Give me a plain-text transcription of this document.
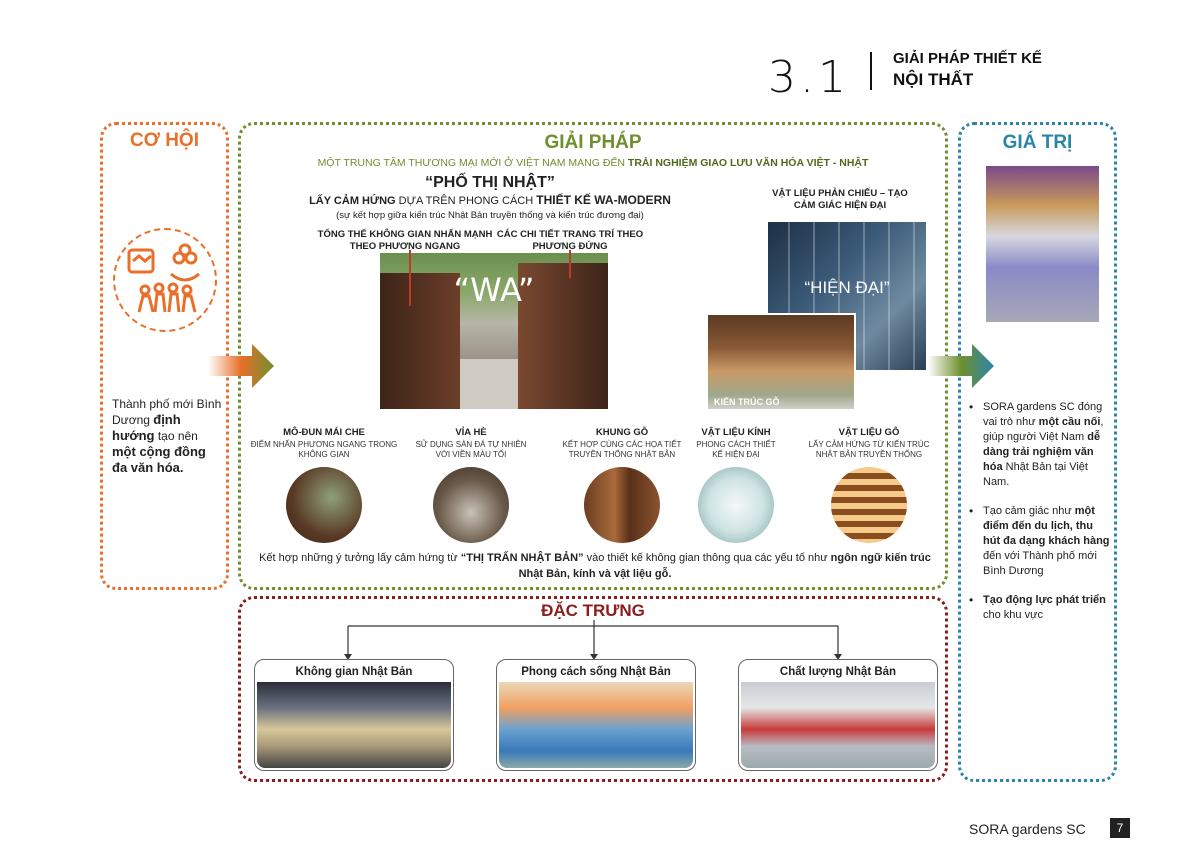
3.1	GIẢI PHÁP THIẾT KẾ
NỘI THẤT
CƠ HỘI	GIẢI PHÁP	GIÁ TRỊ
ĐẶC TRƯNG
Thành phố mới Bình Dương định hướng tạo nên một cộng đồng đa văn hóa.
MỘT TRUNG TÂM THƯƠNG MẠI MỚI Ở VIỆT NAM MANG ĐẾN TRẢI NGHIỆM GIAO LƯU VĂN HÓA VIỆT - NHẬT
“PHỐ THỊ NHẬT”
LẤY CẢM HỨNG DỰA TRÊN PHONG CÁCH THIẾT KẾ WA-MODERN
(sự kết hợp giữa kiến trúc Nhật Bản truyền thống và kiến trúc đương đại)
TỔNG THỂ KHÔNG GIAN NHẤN MẠNH THEO PHƯƠNG NGANG
CÁC CHI TIẾT TRANG TRÍ THEO PHƯƠNG ĐỨNG
VẬT LIỆU PHẢN CHIẾU – TẠO CẢM GIÁC HIỆN ĐẠI
“WA”	“HIỆN ĐẠI”
KIẾN TRÚC GỖ
MÔ-ĐUN MÁI CHE
ĐIỂM NHẤN PHƯƠNG NGANG TRONG KHÔNG GIAN
VỈA HÈ
SỬ DỤNG SÀN ĐÁ TỰ NHIÊN VỚI VIỀN MÀU TỐI
KHUNG GỖ
KẾT HỢP CÙNG CÁC HỌA TIẾT TRUYỀN THỐNG NHẬT BẢN
VẬT LIỆU KÍNH
PHONG CÁCH THIẾT KẾ HIỆN ĐẠI
VẬT LIỆU GỖ
LẤY CẢM HỨNG TỪ KIẾN TRÚC NHẬT BẢN TRUYỀN THỐNG
Kết hợp những ý tưởng lấy cảm hứng từ “THỊ TRẤN NHẬT BẢN” vào thiết kế không gian thông qua các yếu tố như ngôn ngữ kiến trúc Nhật Bản, kính và vật liệu gỗ.
Không gian Nhật Bản	Phong cách sống Nhật Bản	Chất lượng Nhật Bản
• SORA gardens SC đóng vai trò như một cầu nối, giúp người Việt Nam dễ dàng trải nghiệm văn hóa Nhật Bản tại Việt Nam.
• Tạo cảm giác như một điểm đến du lịch, thu hút đa dạng khách hàng đến với Thành phố mới Bình Dương
• Tạo động lực phát triển cho khu vực
SORA gardens SC	7
